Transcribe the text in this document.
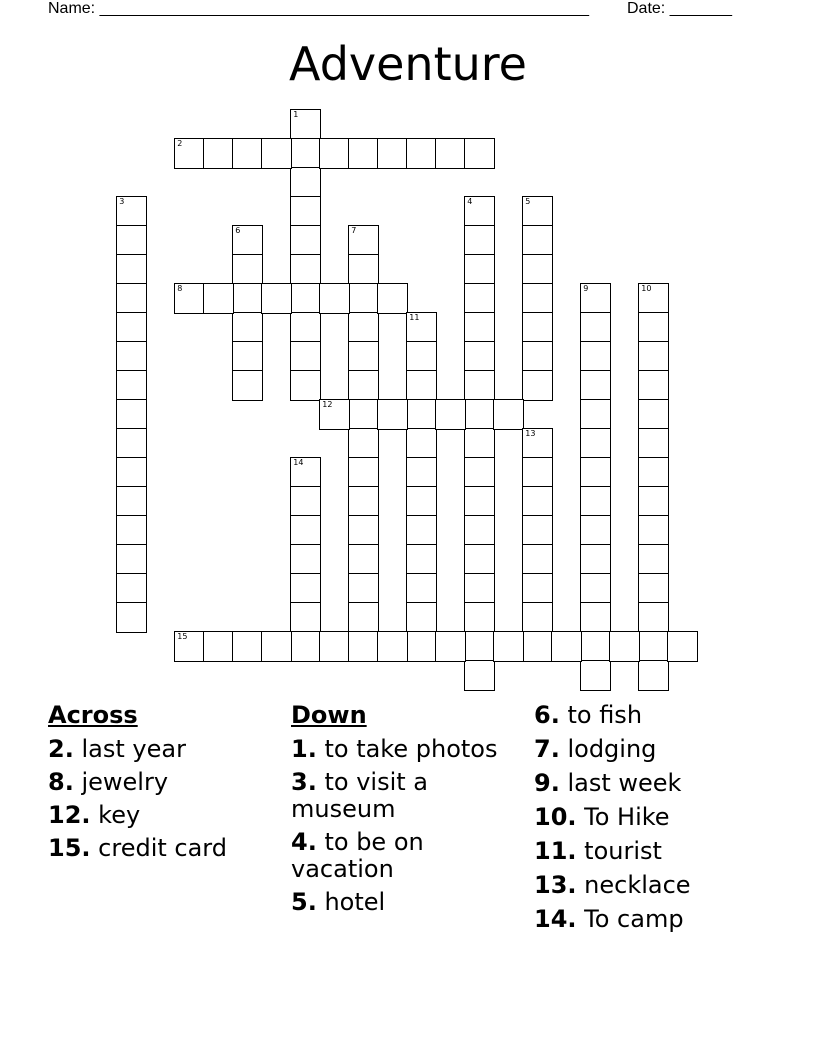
Name: _______________________________________________________ Date: _______
Adventure
1
2
3	4	5
6	7
8	9	10
11
12
13
14
15
Across
2. last year
8. jewelry
12. key
15. credit card
Down
1. to take photos
3. to visit a museum
4. to be on vacation
5. hotel
6. to fish
7. lodging
9. last week
10. To Hike
11. tourist
13. necklace
14. To camp
